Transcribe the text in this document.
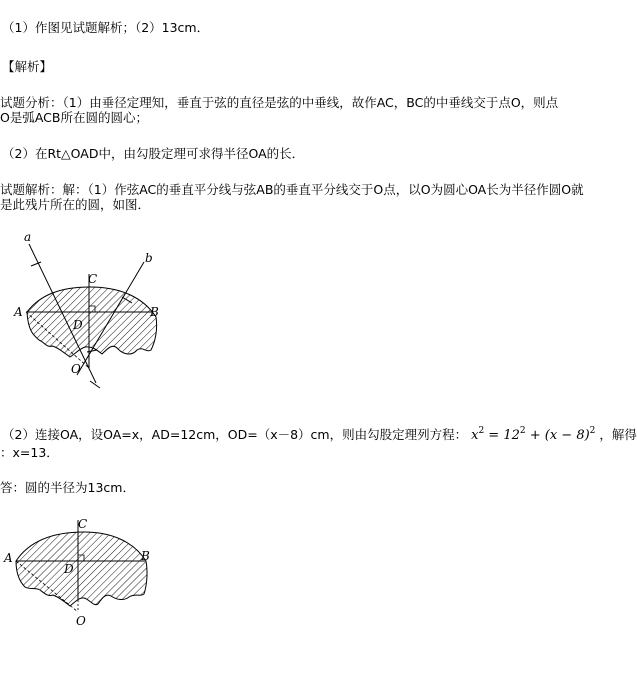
（1）作图见试题解析；（2）13cm．
【解析】
试题分析：（1）由垂径定理知，垂直于弦的直径是弦的中垂线，故作AC，BC的中垂线交于点O，则点
O是弧ACB所在圆的圆心；
（2）在Rt△OAD中，由勾股定理可求得半径OA的长．
试题解析：解：（1）作弦AC的垂直平分线与弦AB的垂直平分线交于O点，以O为圆心OA长为半径作圆O就
是此残片所在的圆，如图．
a
b
A	B
C
D
O
（2）连接OA，设OA=x，AD=12cm，OD=（x－8）cm，则由勾股定理列方程： $x^2 = 12^2 + (x - 8)^2$ ，解得
：x=13．
答：圆的半径为13cm．
C
A	B
D
O
